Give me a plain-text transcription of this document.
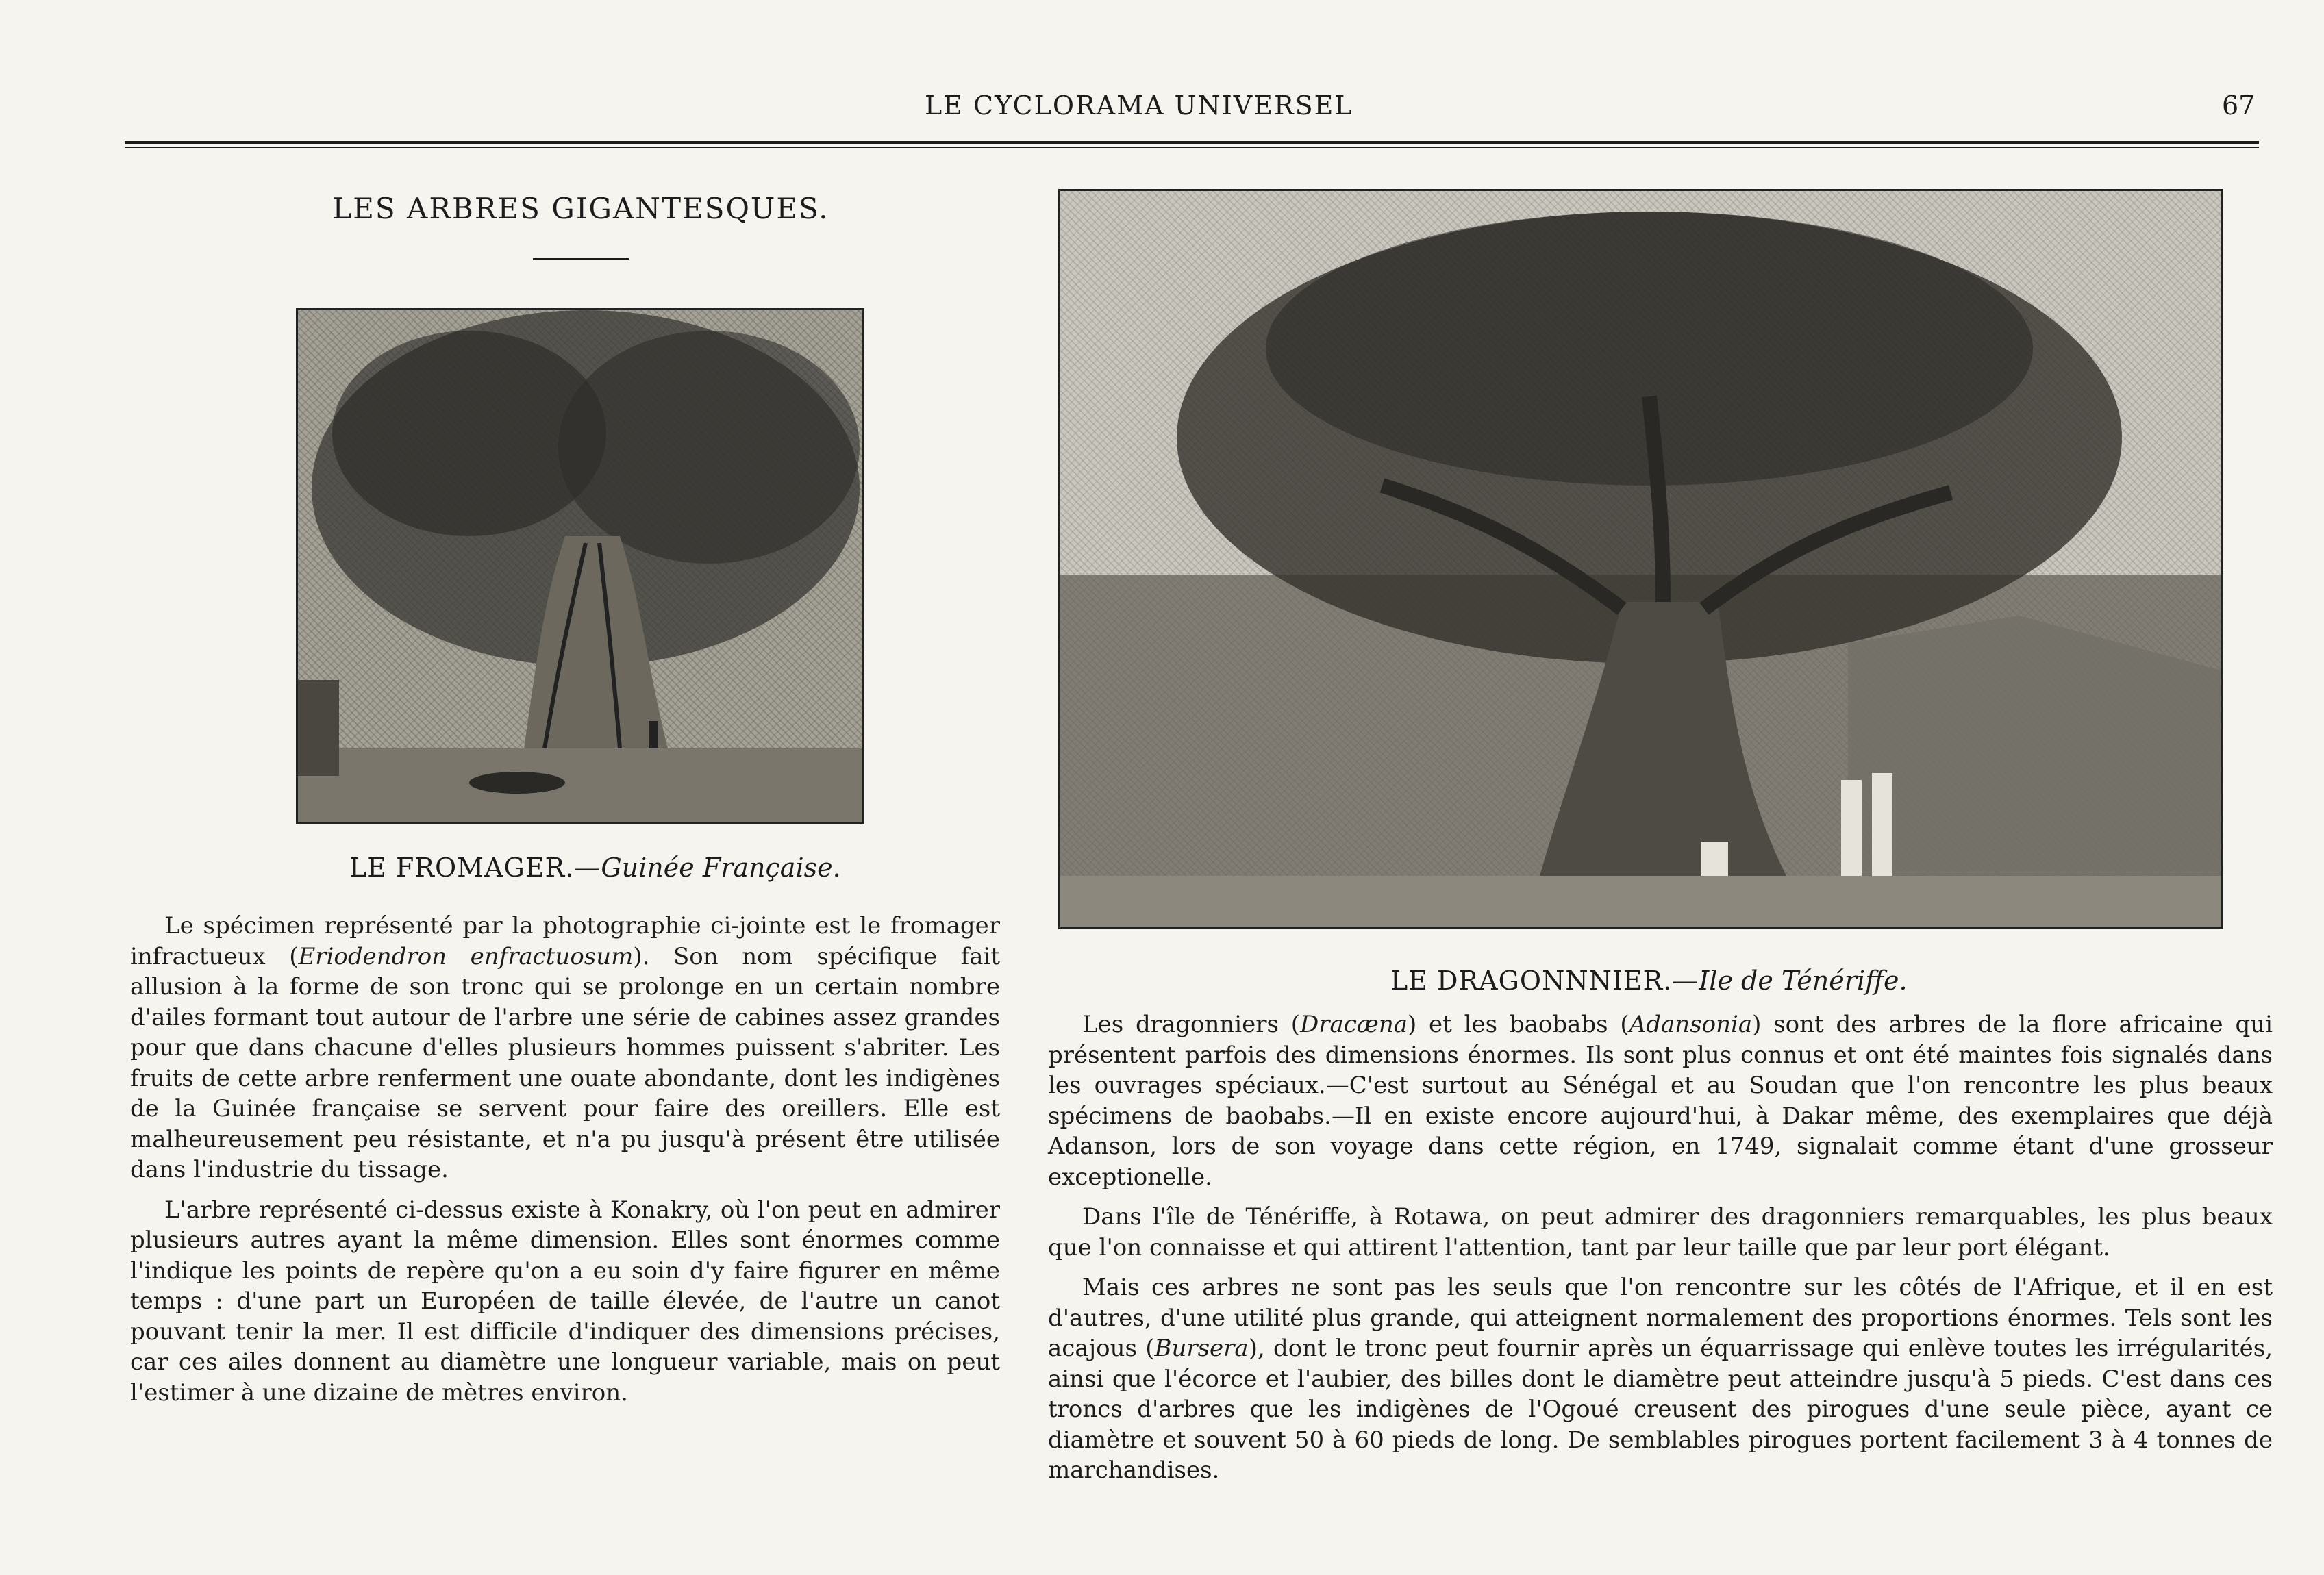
LE CYCLORAMA UNIVERSEL	67
LES ARBRES GIGANTESQUES.
LE FROMAGER.—Guinée Française.
LE DRAGONNNIER.—Ile de Ténériffe.

Le spécimen représenté par la photographie ci-jointe est le fromager infractueux (Eriodendron enfractuosum). Son nom spécifique fait allusion à la forme de son tronc qui se prolonge en un certain nombre d'ailes formant tout autour de l'arbre une série de cabines assez grandes pour que dans chacune d'elles plusieurs hommes puissent s'abriter. Les fruits de cette arbre renferment une ouate abondante, dont les indigènes de la Guinée française se servent pour faire des oreillers. Elle est malheureusement peu résistante, et n'a pu jusqu'à présent être utilisée dans l'industrie du tissage.

L'arbre représenté ci-dessus existe à Konakry, où l'on peut en admirer plusieurs autres ayant la même dimension. Elles sont énormes comme l'indique les points de repère qu'on a eu soin d'y faire figurer en même temps : d'une part un Européen de taille élevée, de l'autre un canot pouvant tenir la mer. Il est difficile d'indiquer des dimensions précises, car ces ailes donnent au diamètre une longueur variable, mais on peut l'estimer à une dizaine de mètres environ.

Les dragonniers (Dracæna) et les baobabs (Adansonia) sont des arbres de la flore africaine qui présentent parfois des dimensions énormes. Ils sont plus connus et ont été maintes fois signalés dans les ouvrages spéciaux.—C'est surtout au Sénégal et au Soudan que l'on rencontre les plus beaux spécimens de baobabs.—Il en existe encore aujourd'hui, à Dakar même, des exemplaires que déjà Adanson, lors de son voyage dans cette région, en 1749, signalait comme étant d'une grosseur exceptionelle.

Dans l'île de Ténériffe, à Rotawa, on peut admirer des dragonniers remarquables, les plus beaux que l'on connaisse et qui attirent l'attention, tant par leur taille que par leur port élégant.

Mais ces arbres ne sont pas les seuls que l'on rencontre sur les côtés de l'Afrique, et il en est d'autres, d'une utilité plus grande, qui atteignent normalement des proportions énormes. Tels sont les acajous (Bursera), dont le tronc peut fournir après un équarrissage qui enlève toutes les irrégularités, ainsi que l'écorce et l'aubier, des billes dont le diamètre peut atteindre jusqu'à 5 pieds. C'est dans ces troncs d'arbres que les indigènes de l'Ogoué creusent des pirogues d'une seule pièce, ayant ce diamètre et souvent 50 à 60 pieds de long. De semblables pirogues portent facilement 3 à 4 tonnes de marchandises.
